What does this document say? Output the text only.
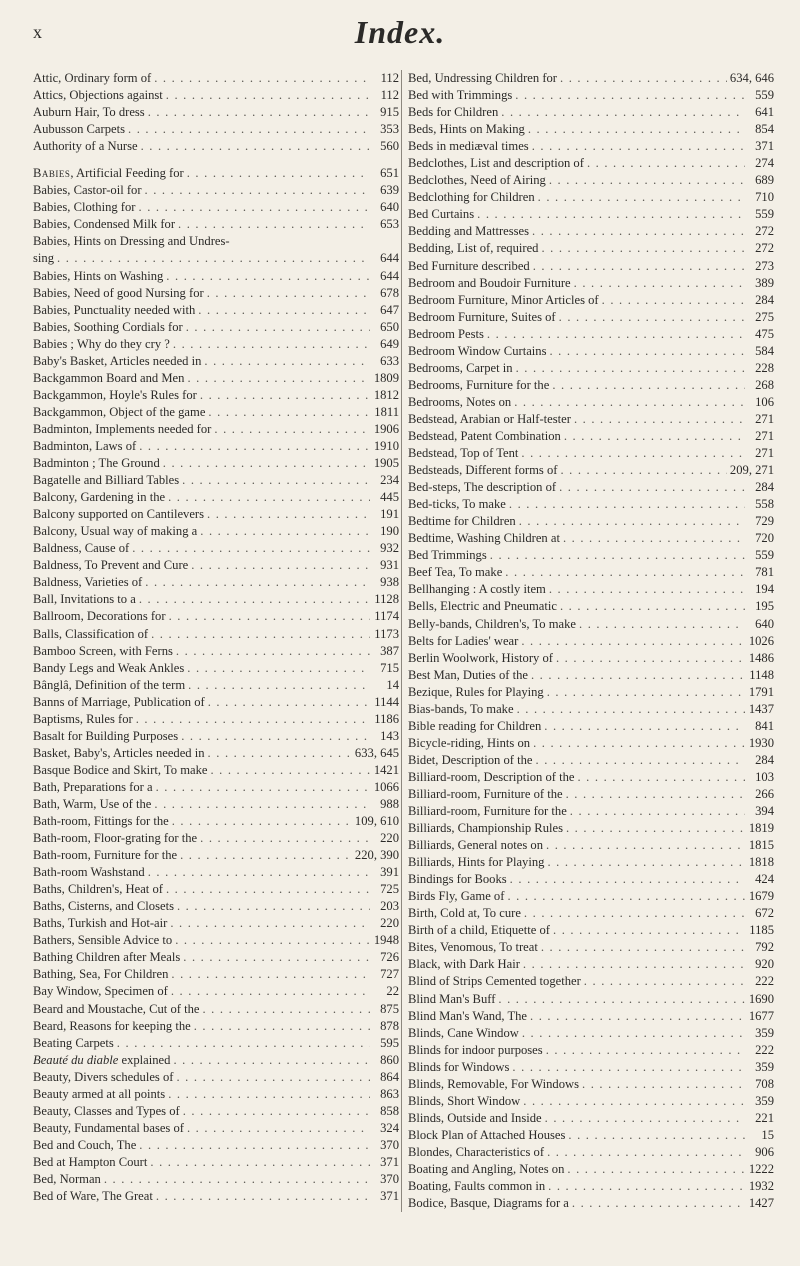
x	Index.
Attic, Ordinary form of . . .	112
Attics, Objections against . . .	112
Auburn Hair, To dress . . .	915
Aubusson Carpets . . .	353
Authority of a Nurse . . .	560
Babies, Artificial Feeding for . . .	651
Babies, Castor-oil for . . .	639
Babies, Clothing for . . .	640
Babies, Condensed Milk for . . .	653
Babies, Hints on Dressing and Undres-
sing . . .	644
Babies, Hints on Washing . . .	644
Babies, Need of good Nursing for . . .	678
Babies, Punctuality needed with . . .	647
Babies, Soothing Cordials for . . .	650
Babies ; Why do they cry ? . . .	649
Baby's Basket, Articles needed in . . .	633
Backgammon Board and Men . . .	1809
Backgammon, Hoyle's Rules for . . .	1812
Backgammon, Object of the game . . .	1811
Badminton, Implements needed for . . .	1906
Badminton, Laws of . . .	1910
Badminton ; The Ground . . .	1905
Bagatelle and Billiard Tables . . .	234
Balcony, Gardening in the . . .	445
Balcony supported on Cantilevers . . .	191
Balcony, Usual way of making a . . .	190
Baldness, Cause of . . .	932
Baldness, To Prevent and Cure . . .	931
Baldness, Varieties of . . .	938
Ball, Invitations to a . . .	1128
Ballroom, Decorations for . . .	1174
Balls, Classification of . . .	1173
Bamboo Screen, with Ferns . . .	387
Bandy Legs and Weak Ankles . . .	715
Bânglâ, Definition of the term . . .	14
Banns of Marriage, Publication of . . .	1144
Baptisms, Rules for . . .	1186
Basalt for Building Purposes . . .	143
Basket, Baby's, Articles needed in . . .	633, 645
Basque Bodice and Skirt, To make . . .	1421
Bath, Preparations for a . . .	1066
Bath, Warm, Use of the . . .	988
Bath-room, Fittings for the . . .	109, 610
Bath-room, Floor-grating for the . . .	220
Bath-room, Furniture for the . . .	220, 390
Bath-room Washstand . . .	391
Baths, Children's, Heat of . . .	725
Baths, Cisterns, and Closets . . .	203
Baths, Turkish and Hot-air . . .	220
Bathers, Sensible Advice to . . .	1948
Bathing Children after Meals . . .	726
Bathing, Sea, For Children . . .	727
Bay Window, Specimen of . . .	22
Beard and Moustache, Cut of the . . .	875
Beard, Reasons for keeping the . . .	878
Beating Carpets . . .	595
Beauté du diable explained . . .	860
Beauty, Divers schedules of . . .	864
Beauty armed at all points . . .	863
Beauty, Classes and Types of . . .	858
Beauty, Fundamental bases of . . .	324
Bed and Couch, The . . .	370
Bed at Hampton Court . . .	371
Bed, Norman . . .	370
Bed of Ware, The Great . . .	371
Bed, Undressing Children for . . .	634, 646
Bed with Trimmings . . .	559
Beds for Children . . .	641
Beds, Hints on Making . . .	854
Beds in mediæval times . . .	371
Bedclothes, List and description of . . .	274
Bedclothes, Need of Airing . . .	689
Bedclothing for Children . . .	710
Bed Curtains . . .	559
Bedding and Mattresses . . .	272
Bedding, List of, required . . .	272
Bed Furniture described . . .	273
Bedroom and Boudoir Furniture . . .	389
Bedroom Furniture, Minor Articles of . . .	284
Bedroom Furniture, Suites of . . .	275
Bedroom Pests . . .	475
Bedroom Window Curtains . . .	584
Bedrooms, Carpet in . . .	228
Bedrooms, Furniture for the . . .	268
Bedrooms, Notes on . . .	106
Bedstead, Arabian or Half-tester . . .	271
Bedstead, Patent Combination . . .	271
Bedstead, Top of Tent . . .	271
Bedsteads, Different forms of . . .	209, 271
Bed-steps, The description of . . .	284
Bed-ticks, To make . . .	558
Bedtime for Children . . .	729
Bedtime, Washing Children at . . .	720
Bed Trimmings . . .	559
Beef Tea, To make . . .	781
Bellhanging : A costly item . . .	194
Bells, Electric and Pneumatic . . .	195
Belly-bands, Children's, To make . . .	640
Belts for Ladies' wear . . .	1026
Berlin Woolwork, History of . . .	1486
Best Man, Duties of the . . .	1148
Bezique, Rules for Playing . . .	1791
Bias-bands, To make . . .	1437
Bible reading for Children . . .	841
Bicycle-riding, Hints on . . .	1930
Bidet, Description of the . . .	284
Billiard-room, Description of the . . .	103
Billiard-room, Furniture of the . . .	266
Billiard-room, Furniture for the . . .	394
Billiards, Championship Rules . . .	1819
Billiards, General notes on . . .	1815
Billiards, Hints for Playing . . .	1818
Bindings for Books . . .	424
Birds Fly, Game of . . .	1679
Birth, Cold at, To cure . . .	672
Birth of a child, Etiquette of . . .	1185
Bites, Venomous, To treat . . .	792
Black, with Dark Hair . . .	920
Blind of Strips Cemented together . . .	222
Blind Man's Buff . . .	1690
Blind Man's Wand, The . . .	1677
Blinds, Cane Window . . .	359
Blinds for indoor purposes . . .	222
Blinds for Windows . . .	359
Blinds, Removable, For Windows . . .	708
Blinds, Short Window . . .	359
Blinds, Outside and Inside . . .	221
Block Plan of Attached Houses . . .	15
Blondes, Characteristics of . . .	906
Boating and Angling, Notes on . . .	1222
Boating, Faults common in . . .	1932
Bodice, Basque, Diagrams for a . . .	1427
